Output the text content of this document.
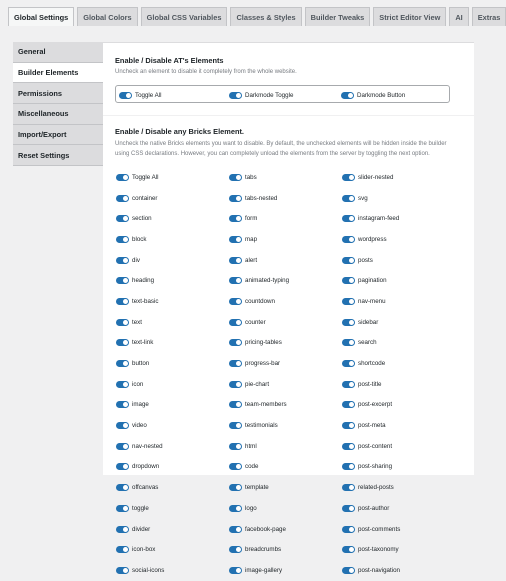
Global Settings	Global Colors	Global CSS Variables	Classes & Styles	Builder Tweaks	Strict Editor View	AI	Extras
General
Builder Elements
Permissions
Miscellaneous
Import/Export
Reset Settings
Enable / Disable AT's Elements
Uncheck an element to disable it completely from the whole website.
Toggle All	Darkmode Toggle	Darkmode Button
Enable / Disable any Bricks Element.
Uncheck the native Bricks elements you want to disable. By default, the unchecked elements will be hidden inside the builder using CSS declarations. However, you can completely unload the elements from the server by toggling the next option.
Toggle All	tabs	slider-nested
container	tabs-nested	svg
section	form	instagram-feed
block	map	wordpress
div	alert	posts
heading	animated-typing	pagination
text-basic	countdown	nav-menu
text	counter	sidebar
text-link	pricing-tables	search
button	progress-bar	shortcode
icon	pie-chart	post-title
image	team-members	post-excerpt
video	testimonials	post-meta
nav-nested	html	post-content
dropdown	code	post-sharing
offcanvas	template	related-posts
toggle	logo	post-author
divider	facebook-page	post-comments
icon-box	breadcrumbs	post-taxonomy
social-icons	image-gallery	post-navigation
